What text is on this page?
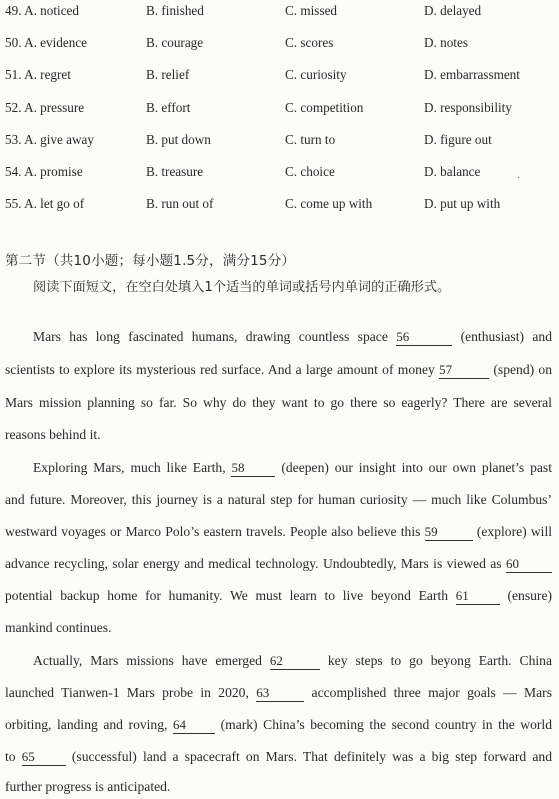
49. A. noticed	B. finished	C. missed	D. delayed
50. A. evidence	B. courage	C. scores	D. notes
51. A. regret	B. relief	C. curiosity	D. embarrassment
52. A. pressure	B. effort	C. competition	D. responsibility
53. A. give away	B. put down	C. turn to	D. figure out
54. A. promise	B. treasure	C. choice	D. balance
55. A. let go of	B. run out of	C. come up with	D. put up with
·
第二节（共10小题；每小题1.5分，满分15分）
阅读下面短文，在空白处填入1个适当的单词或括号内单词的正确形式。
Mars has long fascinated humans, drawing countless space 56	(enthusiast) and
scientists to explore its mysterious red surface. And a large amount of money 57	(spend) on
Mars mission planning so far. So why do they want to go there so eagerly? There are several
reasons behind it.
Exploring Mars, much like Earth, 58	(deepen) our insight into our own planet’s past
and future. Moreover, this journey is a natural step for human curiosity — much like Columbus’
westward voyages or Marco Polo’s eastern travels. People also believe this 59	(explore) will
advance recycling, solar energy and medical technology. Undoubtedly, Mars is viewed as 60
potential backup home for humanity. We must learn to live beyond Earth 61	(ensure)
mankind continues.
Actually, Mars missions have emerged 62	key steps to go beyong Earth. China
launched Tianwen-1 Mars probe in 2020, 63	accomplished three major goals — Mars
orbiting, landing and roving, 64	(mark) China’s becoming the second country in the world
to 65	(successful) land a spacecraft on Mars. That definitely was a big step forward and
further progress is anticipated.
